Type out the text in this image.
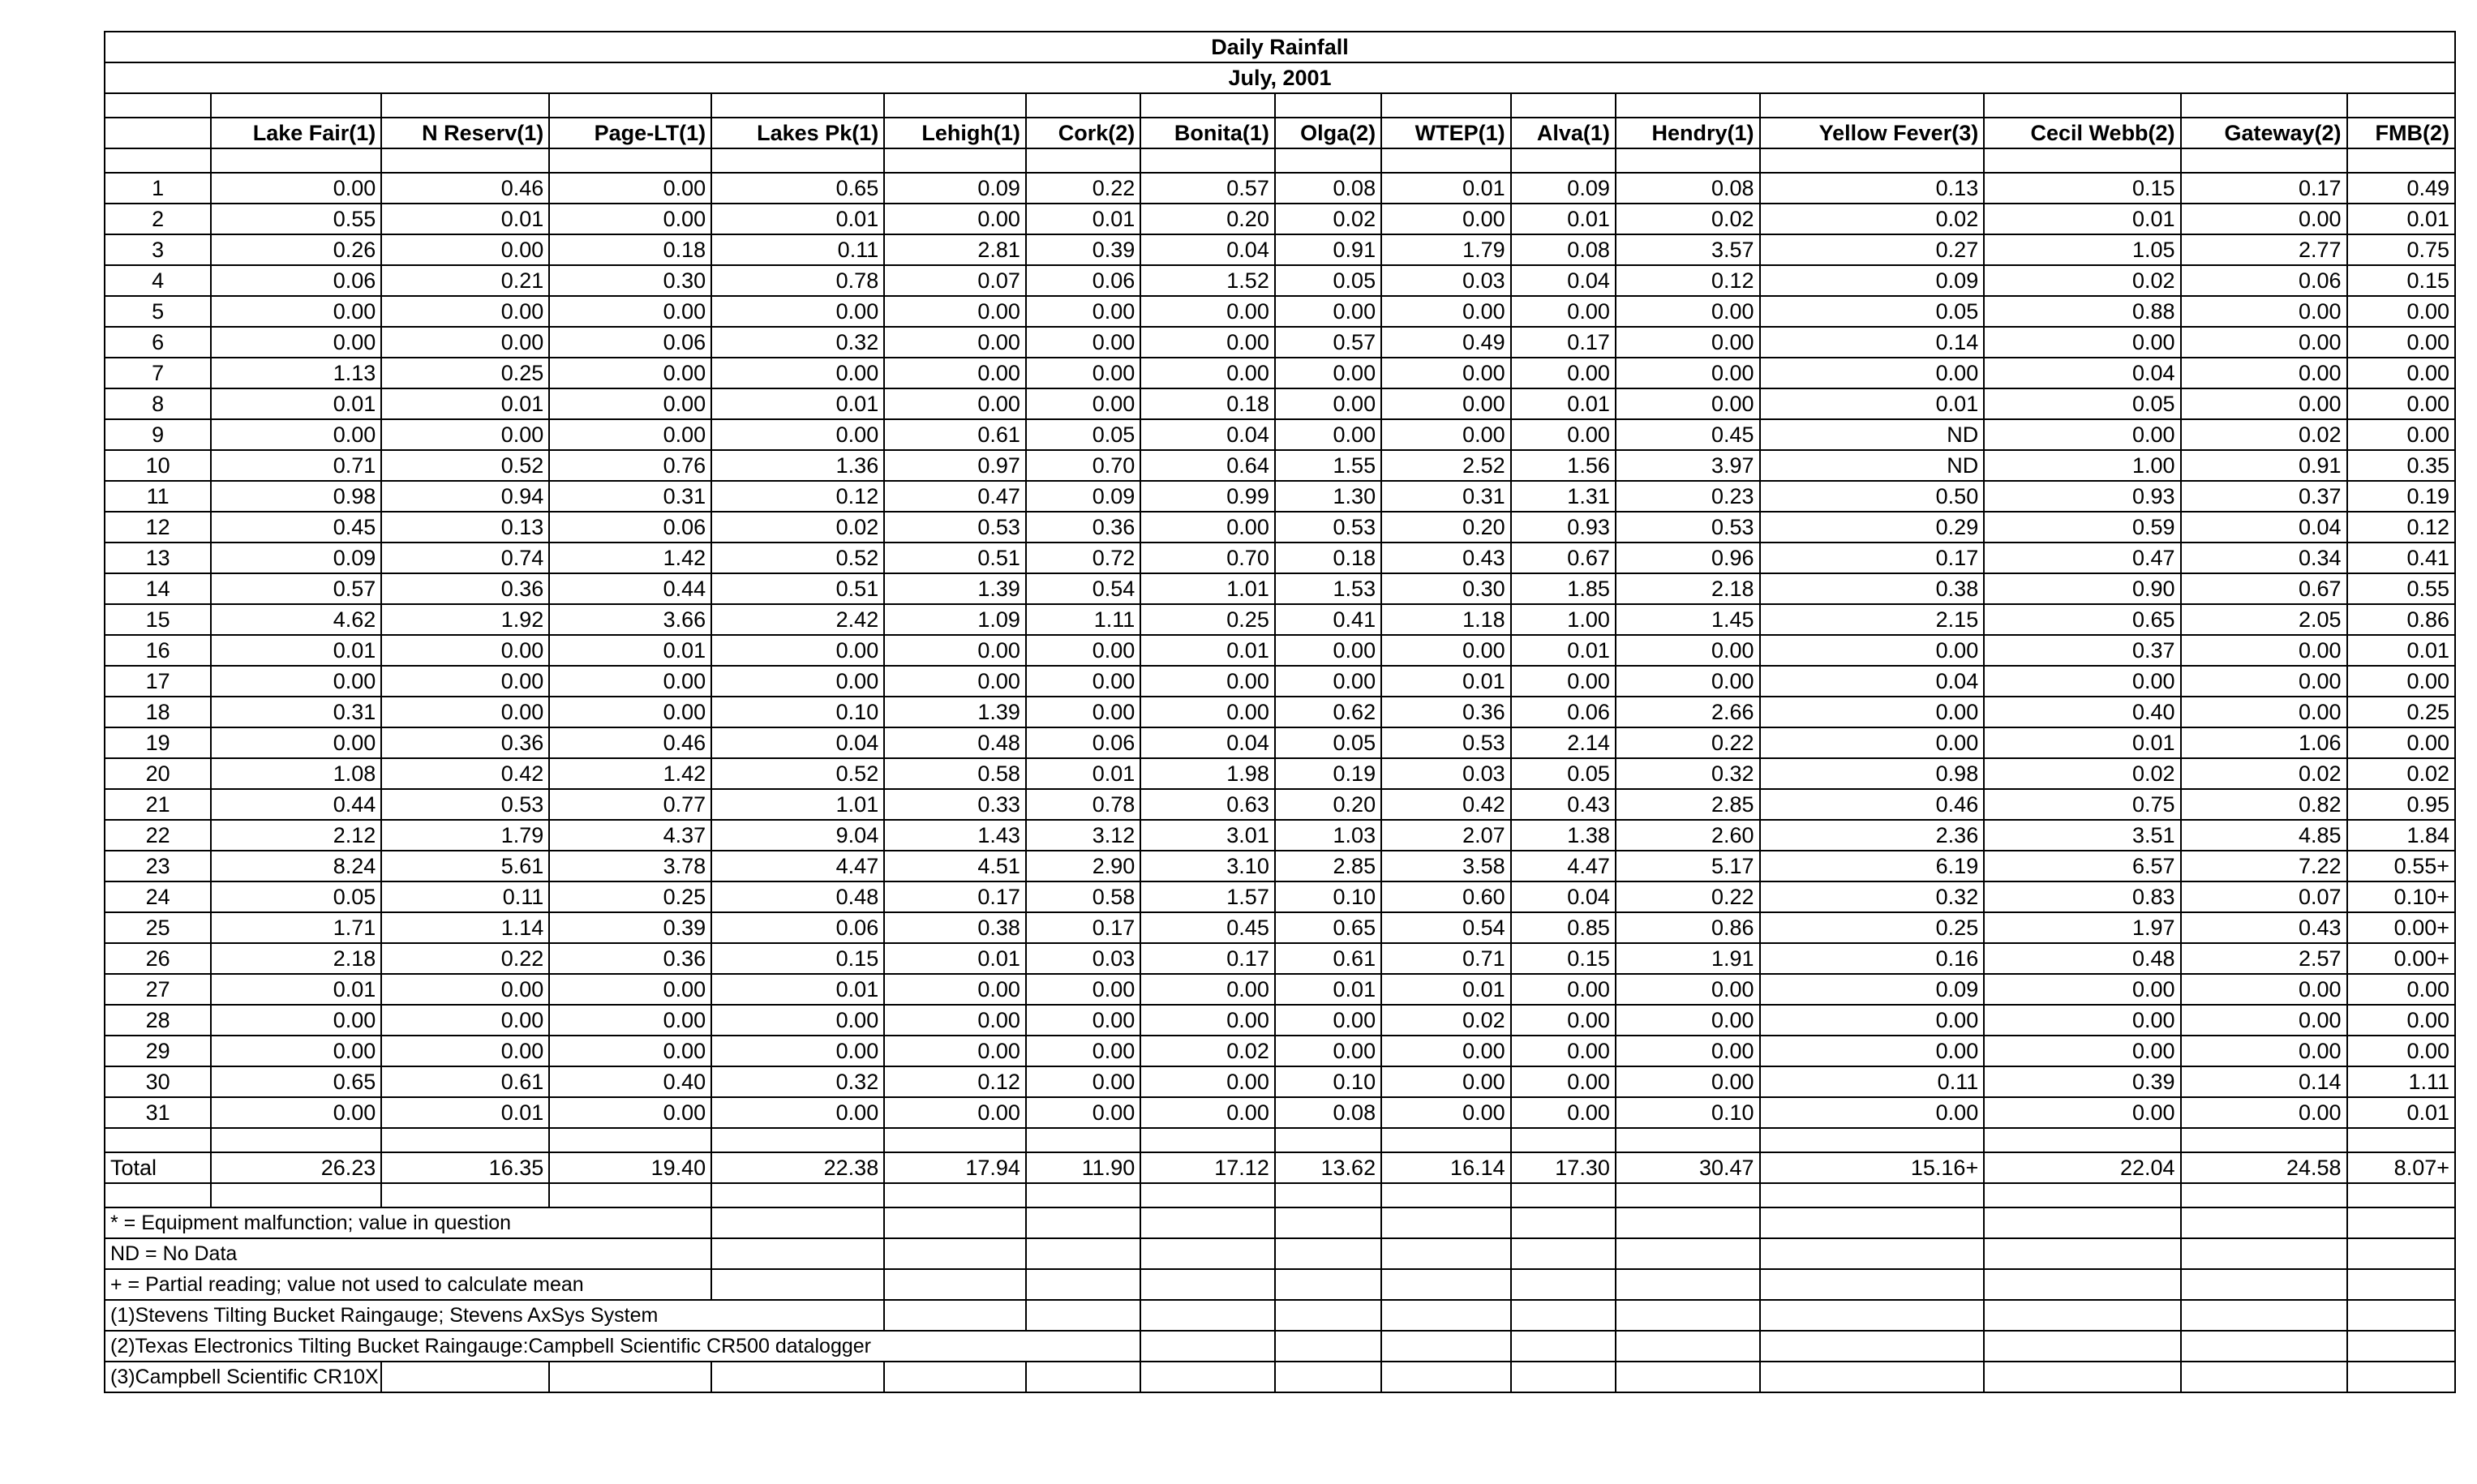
Daily Rainfall															
July, 2001															

	Lake Fair(1)	N Reserv(1)	Page-LT(1)	Lakes Pk(1)	Lehigh(1)	Cork(2)	Bonita(1)	Olga(2)	WTEP(1)	Alva(1)	Hendry(1)	Yellow Fever(3)	Cecil Webb(2)	Gateway(2)	FMB(2)

1	0.00	0.46	0.00	0.65	0.09	0.22	0.57	0.08	0.01	0.09	0.08	0.13	0.15	0.17	0.49
2	0.55	0.01	0.00	0.01	0.00	0.01	0.20	0.02	0.00	0.01	0.02	0.02	0.01	0.00	0.01
3	0.26	0.00	0.18	0.11	2.81	0.39	0.04	0.91	1.79	0.08	3.57	0.27	1.05	2.77	0.75
4	0.06	0.21	0.30	0.78	0.07	0.06	1.52	0.05	0.03	0.04	0.12	0.09	0.02	0.06	0.15
5	0.00	0.00	0.00	0.00	0.00	0.00	0.00	0.00	0.00	0.00	0.00	0.05	0.88	0.00	0.00
6	0.00	0.00	0.06	0.32	0.00	0.00	0.00	0.57	0.49	0.17	0.00	0.14	0.00	0.00	0.00
7	1.13	0.25	0.00	0.00	0.00	0.00	0.00	0.00	0.00	0.00	0.00	0.00	0.04	0.00	0.00
8	0.01	0.01	0.00	0.01	0.00	0.00	0.18	0.00	0.00	0.01	0.00	0.01	0.05	0.00	0.00
9	0.00	0.00	0.00	0.00	0.61	0.05	0.04	0.00	0.00	0.00	0.45	ND	0.00	0.02	0.00
10	0.71	0.52	0.76	1.36	0.97	0.70	0.64	1.55	2.52	1.56	3.97	ND	1.00	0.91	0.35
11	0.98	0.94	0.31	0.12	0.47	0.09	0.99	1.30	0.31	1.31	0.23	0.50	0.93	0.37	0.19
12	0.45	0.13	0.06	0.02	0.53	0.36	0.00	0.53	0.20	0.93	0.53	0.29	0.59	0.04	0.12
13	0.09	0.74	1.42	0.52	0.51	0.72	0.70	0.18	0.43	0.67	0.96	0.17	0.47	0.34	0.41
14	0.57	0.36	0.44	0.51	1.39	0.54	1.01	1.53	0.30	1.85	2.18	0.38	0.90	0.67	0.55
15	4.62	1.92	3.66	2.42	1.09	1.11	0.25	0.41	1.18	1.00	1.45	2.15	0.65	2.05	0.86
16	0.01	0.00	0.01	0.00	0.00	0.00	0.01	0.00	0.00	0.01	0.00	0.00	0.37	0.00	0.01
17	0.00	0.00	0.00	0.00	0.00	0.00	0.00	0.00	0.01	0.00	0.00	0.04	0.00	0.00	0.00
18	0.31	0.00	0.00	0.10	1.39	0.00	0.00	0.62	0.36	0.06	2.66	0.00	0.40	0.00	0.25
19	0.00	0.36	0.46	0.04	0.48	0.06	0.04	0.05	0.53	2.14	0.22	0.00	0.01	1.06	0.00
20	1.08	0.42	1.42	0.52	0.58	0.01	1.98	0.19	0.03	0.05	0.32	0.98	0.02	0.02	0.02
21	0.44	0.53	0.77	1.01	0.33	0.78	0.63	0.20	0.42	0.43	2.85	0.46	0.75	0.82	0.95
22	2.12	1.79	4.37	9.04	1.43	3.12	3.01	1.03	2.07	1.38	2.60	2.36	3.51	4.85	1.84
23	8.24	5.61	3.78	4.47	4.51	2.90	3.10	2.85	3.58	4.47	5.17	6.19	6.57	7.22	0.55+
24	0.05	0.11	0.25	0.48	0.17	0.58	1.57	0.10	0.60	0.04	0.22	0.32	0.83	0.07	0.10+
25	1.71	1.14	0.39	0.06	0.38	0.17	0.45	0.65	0.54	0.85	0.86	0.25	1.97	0.43	0.00+
26	2.18	0.22	0.36	0.15	0.01	0.03	0.17	0.61	0.71	0.15	1.91	0.16	0.48	2.57	0.00+
27	0.01	0.00	0.00	0.01	0.00	0.00	0.00	0.01	0.01	0.00	0.00	0.09	0.00	0.00	0.00
28	0.00	0.00	0.00	0.00	0.00	0.00	0.00	0.00	0.02	0.00	0.00	0.00	0.00	0.00	0.00
29	0.00	0.00	0.00	0.00	0.00	0.00	0.02	0.00	0.00	0.00	0.00	0.00	0.00	0.00	0.00
30	0.65	0.61	0.40	0.32	0.12	0.00	0.00	0.10	0.00	0.00	0.00	0.11	0.39	0.14	1.11
31	0.00	0.01	0.00	0.00	0.00	0.00	0.00	0.08	0.00	0.00	0.10	0.00	0.00	0.00	0.01

Total	26.23	16.35	19.40	22.38	17.94	11.90	17.12	13.62	16.14	17.30	30.47	15.16+	22.04	24.58	8.07+

* = Equipment malfunction; value in question															

ND = No Data															

+ = Partial reading; value not used to calculate mean															

(1)Stevens Tilting Bucket Raingauge; Stevens AxSys System															

(2)Texas Electronics Tilting Bucket Raingauge:Campbell Scientific CR500 datalogger															

(3)Campbell Scientific CR10X															
